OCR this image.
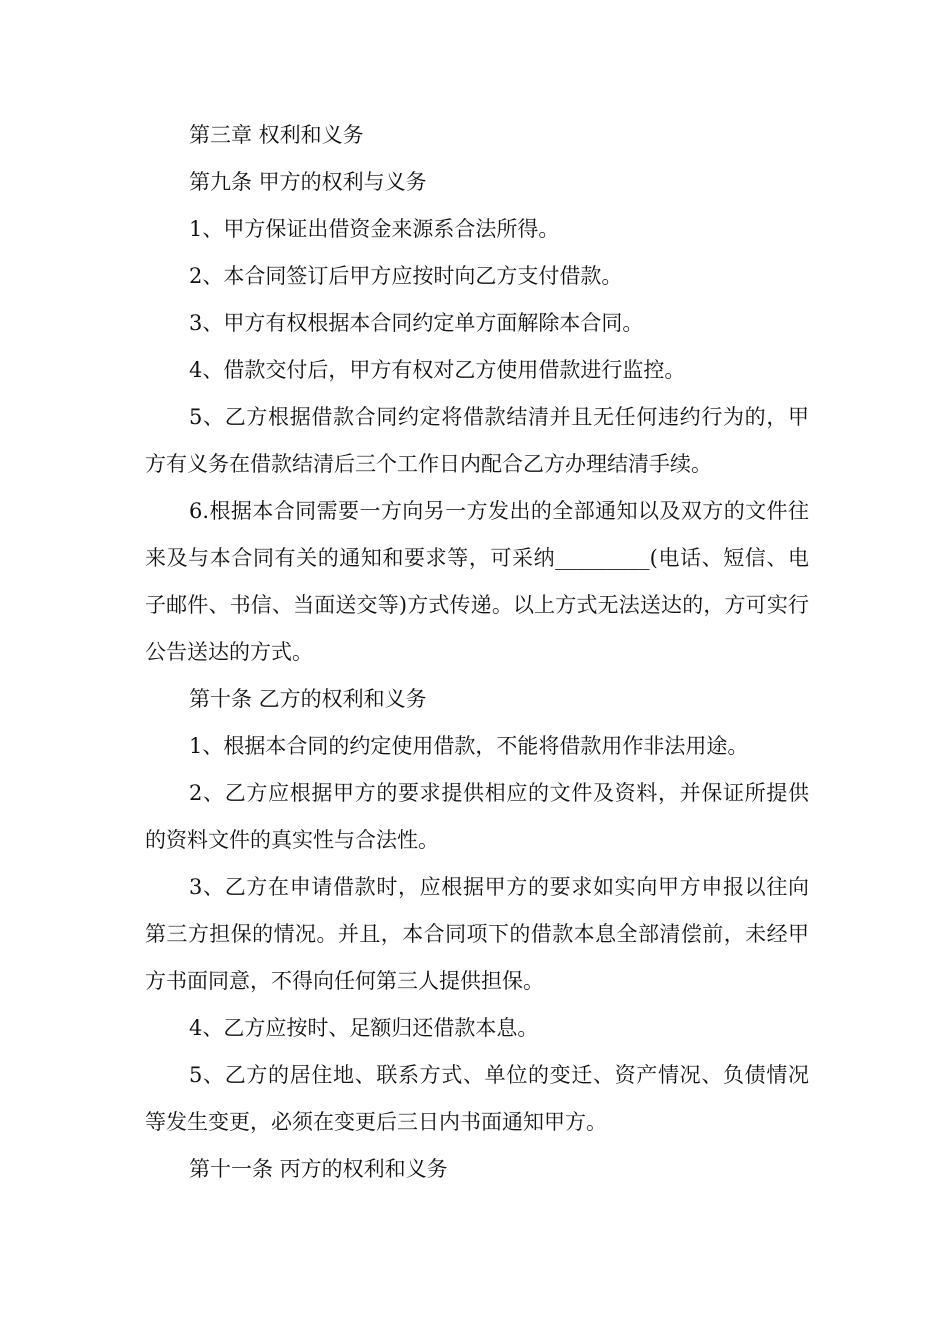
第三章 权利和义务

第九条 甲方的权利与义务

1、甲方保证出借资金来源系合法所得。

2、本合同签订后甲方应按时向乙方支付借款。

3、甲方有权根据本合同约定单方面解除本合同。

4、借款交付后，甲方有权对乙方使用借款进行监控。

5、乙方根据借款合同约定将借款结清并且无任何违约行为的，甲方有义务在借款结清后三个工作日内配合乙方办理结清手续。

6.根据本合同需要一方向另一方发出的全部通知以及双方的文件往来及与本合同有关的通知和要求等，可采纳_________(电话、短信、电子邮件、书信、当面送交等)方式传递。以上方式无法送达的，方可实行公告送达的方式。

第十条 乙方的权利和义务

1、根据本合同的约定使用借款，不能将借款用作非法用途。

2、乙方应根据甲方的要求提供相应的文件及资料，并保证所提供的资料文件的真实性与合法性。

3、乙方在申请借款时，应根据甲方的要求如实向甲方申报以往向第三方担保的情况。并且，本合同项下的借款本息全部清偿前，未经甲方书面同意，不得向任何第三人提供担保。

4、乙方应按时、足额归还借款本息。

5、乙方的居住地、联系方式、单位的变迁、资产情况、负债情况等发生变更，必须在变更后三日内书面通知甲方。

第十一条 丙方的权利和义务
